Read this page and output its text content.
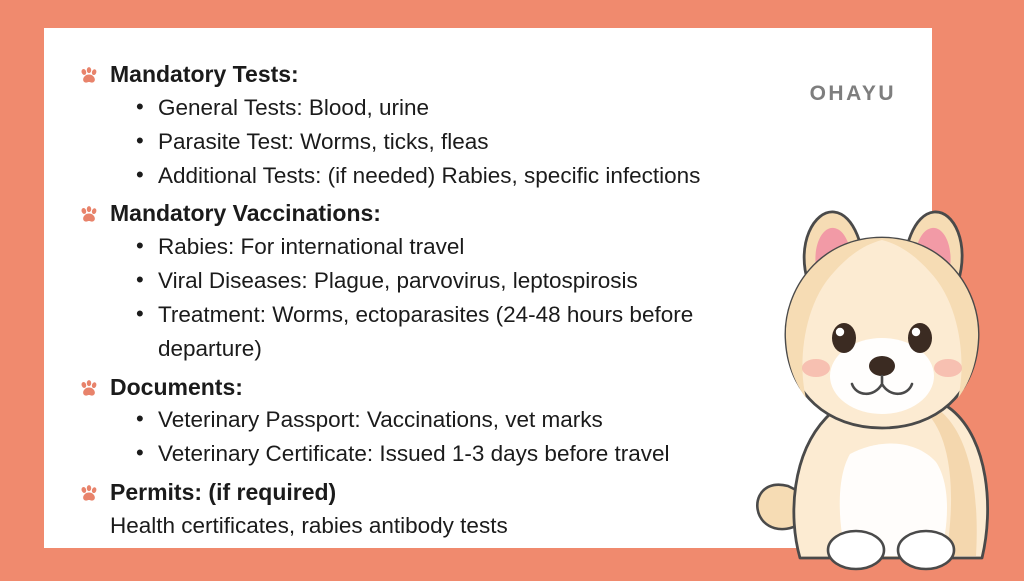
OHAYU
Mandatory Tests:
• General Tests: Blood, urine
• Parasite Test: Worms, ticks, fleas
• Additional Tests: (if needed) Rabies, specific infections
Mandatory Vaccinations:
• Rabies: For international travel
• Viral Diseases: Plague, parvovirus, leptospirosis
• Treatment: Worms, ectoparasites (24-48 hours before departure)
Documents:
• Veterinary Passport: Vaccinations, vet marks
• Veterinary Certificate: Issued 1-3 days before travel
Permits: (if required)
Health certificates, rabies antibody tests
